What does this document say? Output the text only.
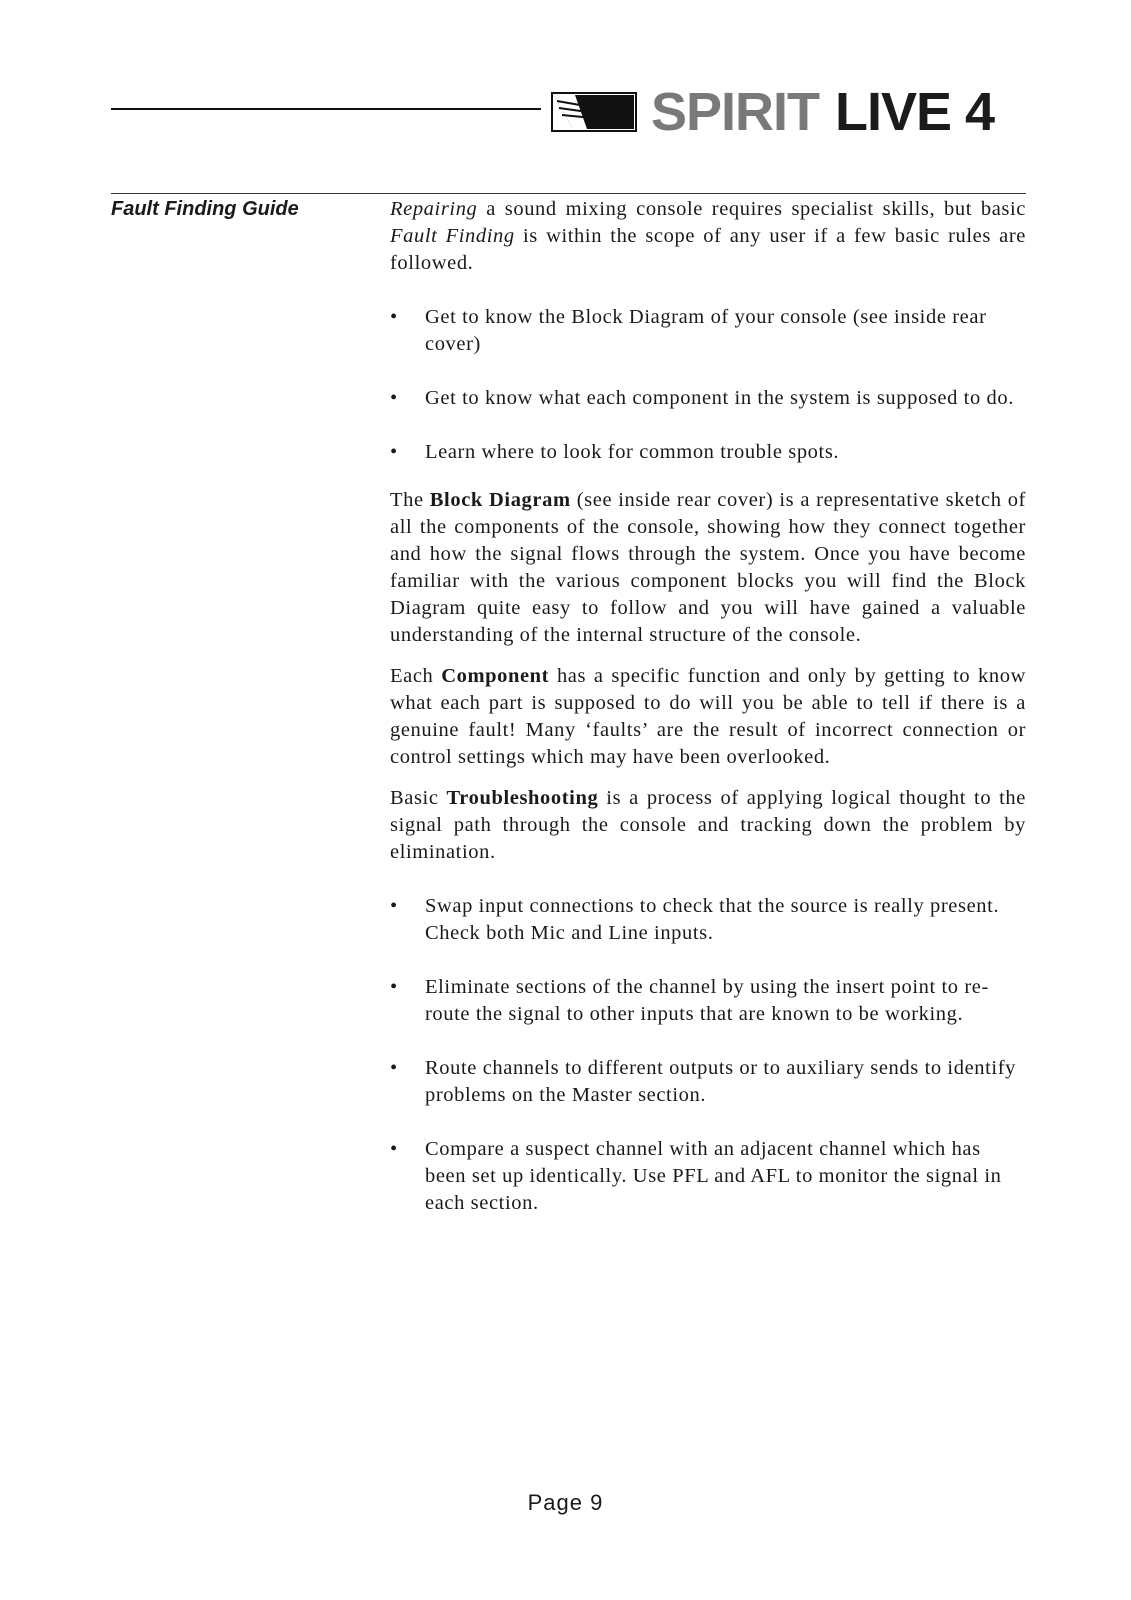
SPIRIT LIVE 4
Fault Finding Guide	Repairing a sound mixing console requires specialist skills, but basic Fault Finding is within the scope of any user if a few basic rules are followed.

•	Get to know the Block Diagram of your console (see inside rear cover)
•	Get to know what each component in the system is supposed to do.
•	Learn where to look for common trouble spots.

The Block Diagram (see inside rear cover) is a representative sketch of all the components of the console, showing how they connect together and how the signal flows through the system. Once you have become familiar with the various component blocks you will find the Block Diagram quite easy to follow and you will have gained a valuable understanding of the internal structure of the console.

Each Component has a specific function and only by getting to know what each part is supposed to do will you be able to tell if there is a genuine fault! Many ‘faults’ are the result of incorrect connection or control settings which may have been overlooked.

Basic Troubleshooting is a process of applying logical thought to the signal path through the console and tracking down the problem by elimination.

•	Swap input connections to check that the source is really present. Check both Mic and Line inputs.
•	Eliminate sections of the channel by using the insert point to re-route the signal to other inputs that are known to be working.
•	Route channels to different outputs or to auxiliary sends to identify problems on the Master section.
•	Compare a suspect channel with an adjacent channel which has been set up identically. Use PFL and AFL to monitor the signal in each section.
Page 9
